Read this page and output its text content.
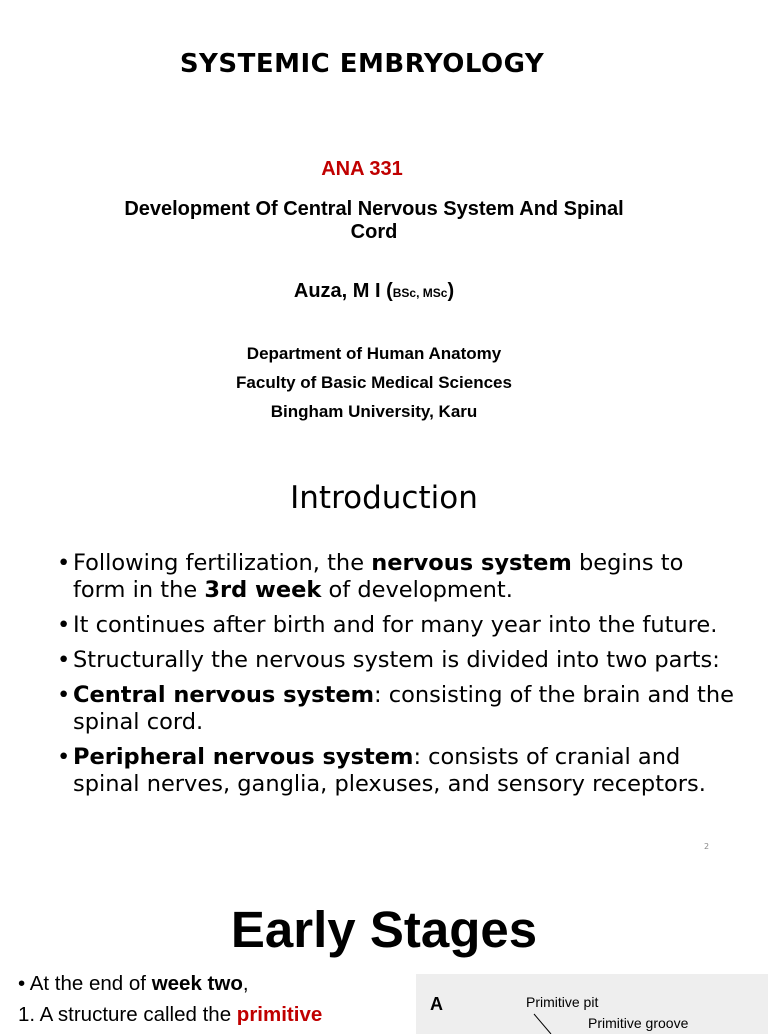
SYSTEMIC EMBRYOLOGY
ANA 331
Development Of Central Nervous System And Spinal Cord
Auza, M I (BSc, MSc)
Department of Human Anatomy
Faculty of Basic Medical Sciences
Bingham University, Karu
Introduction
• Following fertilization, the nervous system begins to form in the 3rd week of development.
• It continues after birth and for many year into the future.
• Structurally the nervous system is divided into two parts:
• Central nervous system: consisting of the brain and the spinal cord.
• Peripheral nervous system: consists of cranial and spinal nerves, ganglia, plexuses, and sensory receptors.
2
Early Stages
• At the end of week two,
1. A structure called the primitive	A	Primitive pit
Primitive groove
